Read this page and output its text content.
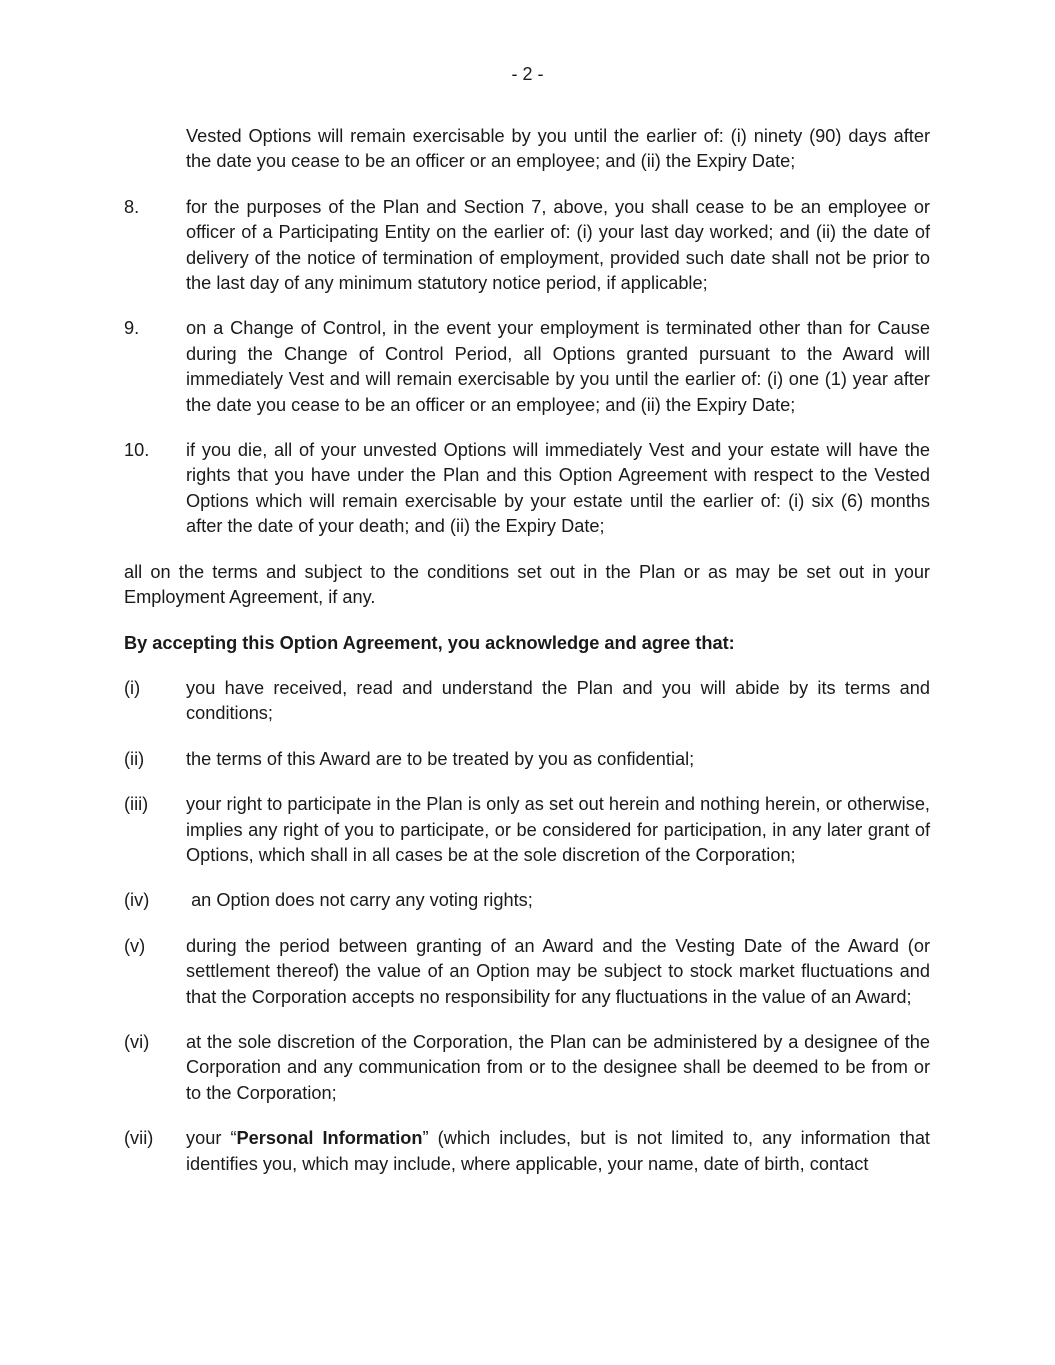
- 2 -

Vested Options will remain exercisable by you until the earlier of: (i) ninety (90) days after the date you cease to be an officer or an employee; and (ii) the Expiry Date;

8.	for the purposes of the Plan and Section 7, above, you shall cease to be an employee or officer of a Participating Entity on the earlier of: (i) your last day worked; and (ii) the date of delivery of the notice of termination of employment, provided such date shall not be prior to the last day of any minimum statutory notice period, if applicable;
9.	on a Change of Control, in the event your employment is terminated other than for Cause during the Change of Control Period, all Options granted pursuant to the Award will immediately Vest and will remain exercisable by you until the earlier of: (i) one (1) year after the date you cease to be an officer or an employee; and (ii) the Expiry Date;
10.	if you die, all of your unvested Options will immediately Vest and your estate will have the rights that you have under the Plan and this Option Agreement with respect to the Vested Options which will remain exercisable by your estate until the earlier of: (i) six (6) months after the date of your death; and (ii) the Expiry Date;

all on the terms and subject to the conditions set out in the Plan or as may be set out in your Employment Agreement, if any.

By accepting this Option Agreement, you acknowledge and agree that:

(i)	you have received, read and understand the Plan and you will abide by its terms and conditions;
(ii)	the terms of this Award are to be treated by you as confidential;
(iii)	your right to participate in the Plan is only as set out herein and nothing herein, or otherwise, implies any right of you to participate, or be considered for participation, in any later grant of Options, which shall in all cases be at the sole discretion of the Corporation;
(iv)	an Option does not carry any voting rights;
(v)	during the period between granting of an Award and the Vesting Date of the Award (or settlement thereof) the value of an Option may be subject to stock market fluctuations and that the Corporation accepts no responsibility for any fluctuations in the value of an Award;
(vi)	at the sole discretion of the Corporation, the Plan can be administered by a designee of the Corporation and any communication from or to the designee shall be deemed to be from or to the Corporation;
(vii)	your “Personal Information” (which includes, but is not limited to, any information that identifies you, which may include, where applicable, your name, date of birth, contact
